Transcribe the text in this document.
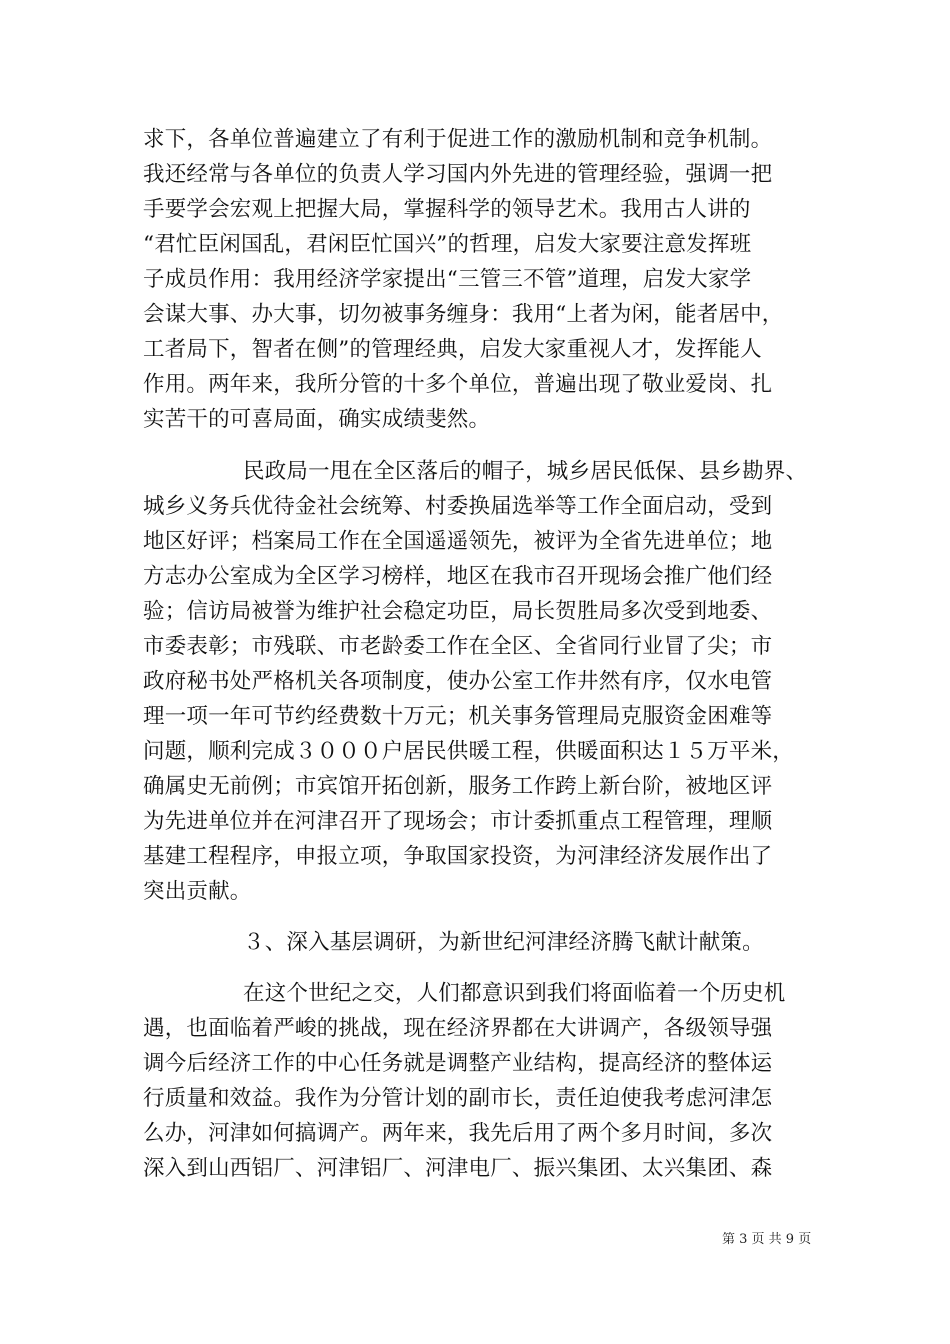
求下，各单位普遍建立了有利于促进工作的激励机制和竞争机制。
我还经常与各单位的负责人学习国内外先进的管理经验，强调一把
手要学会宏观上把握大局，掌握科学的领导艺术。我用古人讲的
“君忙臣闲国乱，君闲臣忙国兴”的哲理，启发大家要注意发挥班
子成员作用：我用经济学家提出“三管三不管”道理，启发大家学
会谋大事、办大事，切勿被事务缠身：我用“上者为闲，能者居中，
工者局下，智者在侧”的管理经典，启发大家重视人才，发挥能人
作用。两年来，我所分管的十多个单位，普遍出现了敬业爱岗、扎
实苦干的可喜局面，确实成绩斐然。
民政局一甩在全区落后的帽子，城乡居民低保、县乡勘界、
城乡义务兵优待金社会统筹、村委换届选举等工作全面启动，受到
地区好评；档案局工作在全国遥遥领先，被评为全省先进单位；地
方志办公室成为全区学习榜样，地区在我市召开现场会推广他们经
验；信访局被誉为维护社会稳定功臣，局长贺胜局多次受到地委、
市委表彰；市残联、市老龄委工作在全区、全省同行业冒了尖；市
政府秘书处严格机关各项制度，使办公室工作井然有序，仅水电管
理一项一年可节约经费数十万元；机关事务管理局克服资金困难等
问题，顺利完成３０００户居民供暖工程，供暖面积达１５万平米，
确属史无前例；市宾馆开拓创新，服务工作跨上新台阶，被地区评
为先进单位并在河津召开了现场会；市计委抓重点工程管理，理顺
基建工程程序，申报立项，争取国家投资，为河津经济发展作出了
突出贡献。
３、深入基层调研，为新世纪河津经济腾飞献计献策。
在这个世纪之交，人们都意识到我们将面临着一个历史机
遇，也面临着严峻的挑战，现在经济界都在大讲调产，各级领导强
调今后经济工作的中心任务就是调整产业结构，提高经济的整体运
行质量和效益。我作为分管计划的副市长，责任迫使我考虑河津怎
么办，河津如何搞调产。两年来，我先后用了两个多月时间，多次
深入到山西铝厂、河津铝厂、河津电厂、振兴集团、太兴集团、森
第 3 页 共 9 页
